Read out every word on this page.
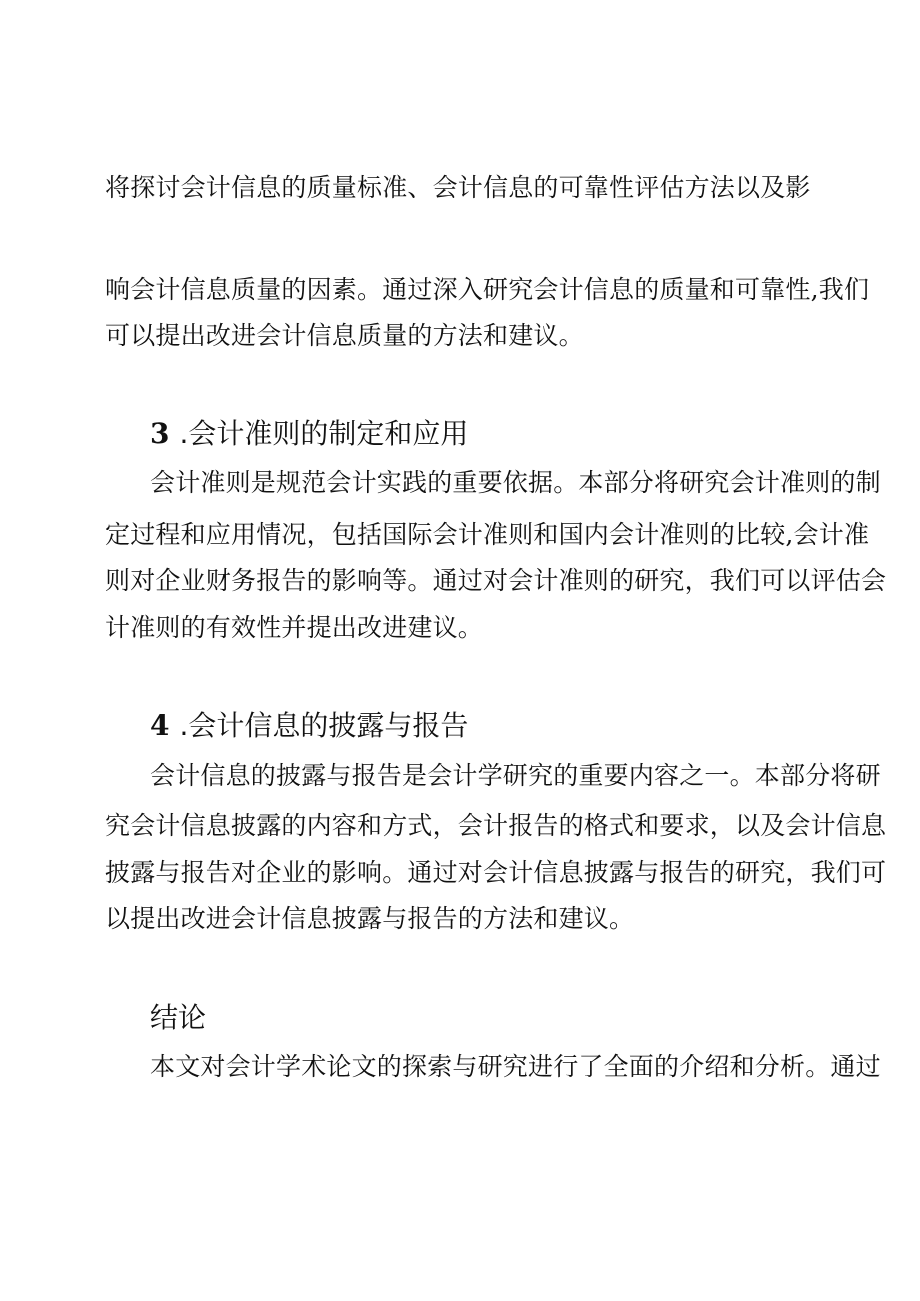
将探讨会计信息的质量标准、会计信息的可靠性评估方法以及影
响会计信息质量的因素。通过深入研究会计信息的质量和可靠性,我们
可以提出改进会计信息质量的方法和建议。
3 .会计准则的制定和应用
会计准则是规范会计实践的重要依据。本部分将研究会计准则的制
定过程和应用情况，包括国际会计准则和国内会计准则的比较,会计准
则对企业财务报告的影响等。通过对会计准则的研究，我们可以评估会
计准则的有效性并提出改进建议。
4 .会计信息的披露与报告
会计信息的披露与报告是会计学研究的重要内容之一。本部分将研
究会计信息披露的内容和方式，会计报告的格式和要求，以及会计信息
披露与报告对企业的影响。通过对会计信息披露与报告的研究，我们可
以提出改进会计信息披露与报告的方法和建议。
结论
本文对会计学术论文的探索与研究进行了全面的介绍和分析。通过
